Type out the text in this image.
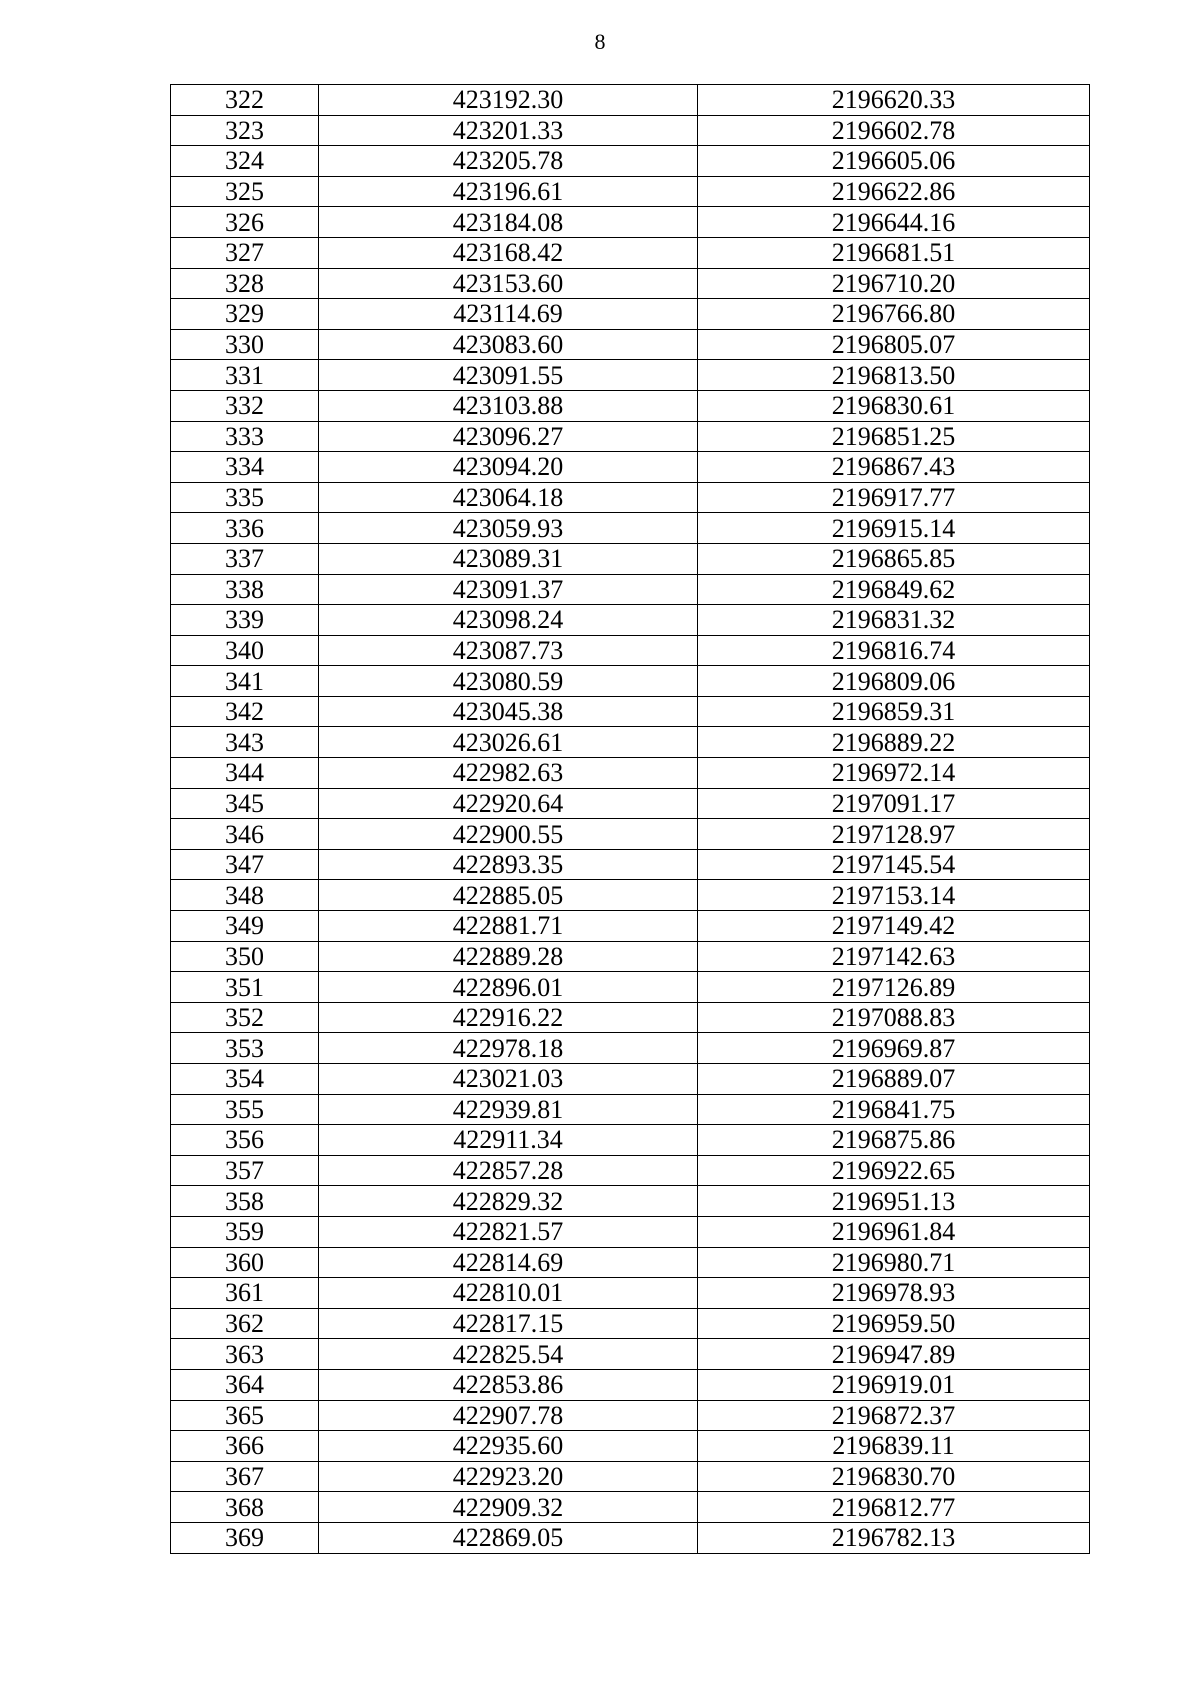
8
322	423192.30	2196620.33
323	423201.33	2196602.78
324	423205.78	2196605.06
325	423196.61	2196622.86
326	423184.08	2196644.16
327	423168.42	2196681.51
328	423153.60	2196710.20
329	423114.69	2196766.80
330	423083.60	2196805.07
331	423091.55	2196813.50
332	423103.88	2196830.61
333	423096.27	2196851.25
334	423094.20	2196867.43
335	423064.18	2196917.77
336	423059.93	2196915.14
337	423089.31	2196865.85
338	423091.37	2196849.62
339	423098.24	2196831.32
340	423087.73	2196816.74
341	423080.59	2196809.06
342	423045.38	2196859.31
343	423026.61	2196889.22
344	422982.63	2196972.14
345	422920.64	2197091.17
346	422900.55	2197128.97
347	422893.35	2197145.54
348	422885.05	2197153.14
349	422881.71	2197149.42
350	422889.28	2197142.63
351	422896.01	2197126.89
352	422916.22	2197088.83
353	422978.18	2196969.87
354	423021.03	2196889.07
355	422939.81	2196841.75
356	422911.34	2196875.86
357	422857.28	2196922.65
358	422829.32	2196951.13
359	422821.57	2196961.84
360	422814.69	2196980.71
361	422810.01	2196978.93
362	422817.15	2196959.50
363	422825.54	2196947.89
364	422853.86	2196919.01
365	422907.78	2196872.37
366	422935.60	2196839.11
367	422923.20	2196830.70
368	422909.32	2196812.77
369	422869.05	2196782.13
